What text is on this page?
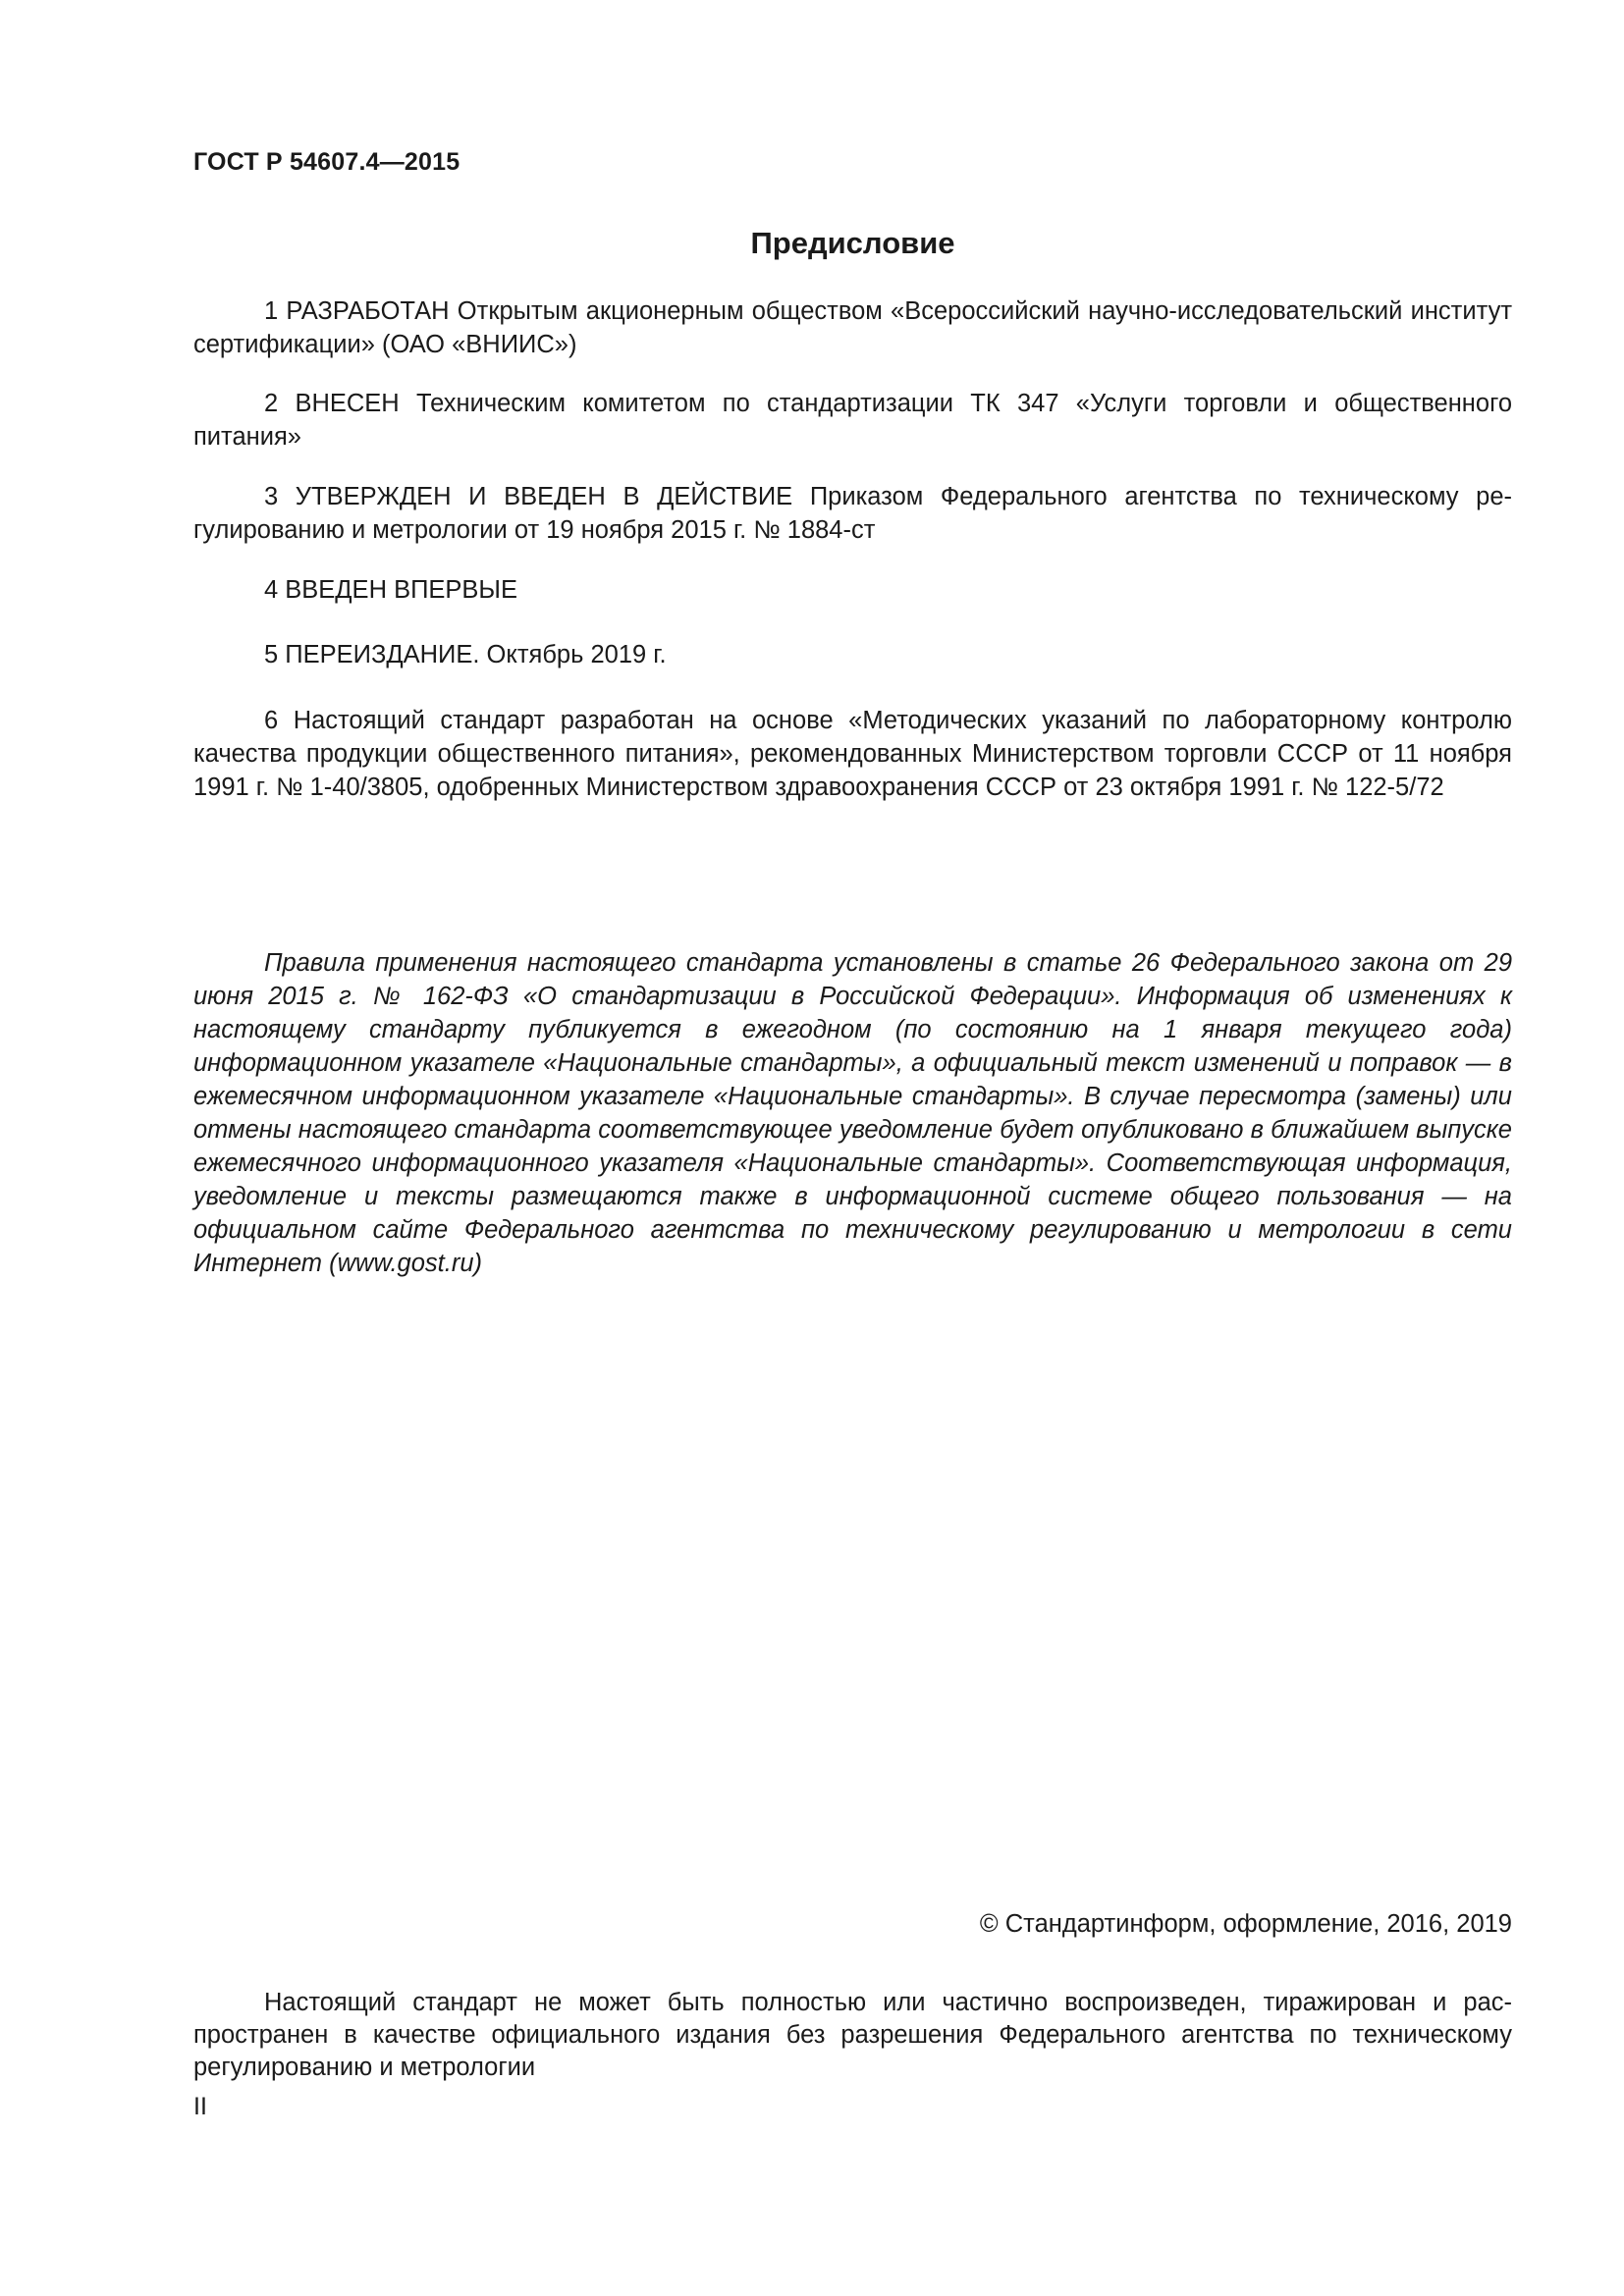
ГОСТ Р 54607.4—2015
Предисловие

1 РАЗРАБОТАН Открытым акционерным обществом «Всероссийский научно-исследовательский институт сертификации» (ОАО «ВНИИС»)

2 ВНЕСЕН Техническим комитетом по стандартизации ТК 347 «Услуги торговли и общественного питания»

3 УТВЕРЖДЕН И ВВЕДЕН В ДЕЙСТВИЕ Приказом Федерального агентства по техническому регулированию и метрологии от 19 ноября 2015 г. № 1884-ст

4 ВВЕДЕН ВПЕРВЫЕ

5 ПЕРЕИЗДАНИЕ. Октябрь 2019 г.

6 Настоящий стандарт разработан на основе «Методических указаний по лабораторному контролю качества продукции общественного питания», рекомендованных Министерством торговли СССР от 11 ноября 1991 г. № 1-40/3805, одобренных Министерством здравоохранения СССР от 23 октября 1991 г. № 122-5/72

Правила применения настоящего стандарта установлены в статье 26 Федерального закона от 29 июня 2015 г. № 162-ФЗ «О стандартизации в Российской Федерации». Информация об изменениях к настоящему стандарту публикуется в ежегодном (по состоянию на 1 января текущего года) информационном указателе «Национальные стандарты», а официальный текст изменений и поправок — в ежемесячном информационном указателе «Национальные стандарты». В случае пересмотра (замены) или отмены настоящего стандарта соответствующее уведомление будет опубликовано в ближайшем выпуске ежемесячного информационного указателя «Национальные стандарты». Соответствующая информация, уведомление и тексты размещаются также в информационной системе общего пользования — на официальном сайте Федерального агентства по техническому регулированию и метрологии в сети Интернет (www.gost.ru)

© Стандартинформ, оформление, 2016, 2019

Настоящий стандарт не может быть полностью или частично воспроизведен, тиражирован и распространен в качестве официального издания без разрешения Федерального агентства по техническому регулированию и метрологии

II
